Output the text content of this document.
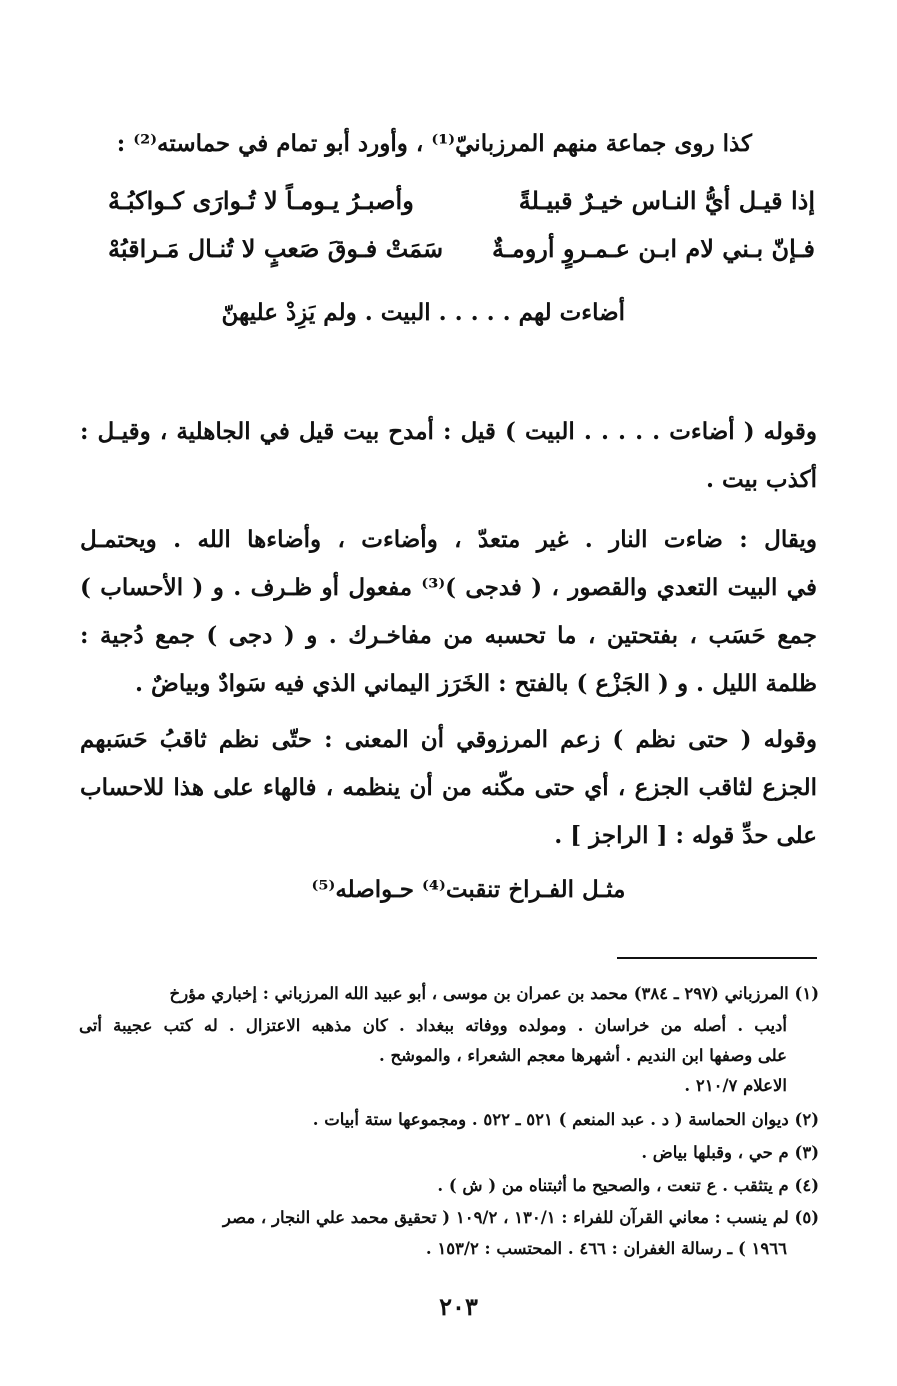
كذا روى جماعة منهم المرزبانيّ⁽¹⁾ ، وأورد أبو تمام في حماسته⁽²⁾ :
إذا قيـل أيُّ النـاس خيـرٌ قبيـلةً
وأصبـرُ يـومـاً لا تُـوارَى كـواكبُـهْ
فـإنّ بـني لام ابـن عـمـروٍ أرومـةٌ
سَمَتْ فـوقَ صَعبٍ لا تُنـال مَـراقبُهْ
أضاءت لهم . . . . . البيت . ولم يَزِدْ عليهنّ
وقوله ( أضاءت . . . . . البيت ) قيل : أمدح بيت قيل في الجاهلية ، وقيـل :
أكذب بيت .
ويقال : ضاءت النار . غير متعدّ ، وأضاءت ، وأضاءها الله . ويحتمـل
في البيت التعدي والقصور ، ( فدجى )⁽³⁾ مفعول أو ظـرف . و ( الأحساب )
جمع حَسَب ، بفتحتين ، ما تحسبه من مفاخـرك . و ( دجى ) جمع دُجية :
ظلمة الليل . و ( الجَزْع ) بالفتح : الخَرَز اليماني الذي فيه سَوادٌ وبياضٌ .
وقوله ( حتى نظم ) زعم المرزوقي أن المعنى : حتّى نظم ثاقبُ حَسَبهم
الجزع لثاقب الجزع ، أي حتى مكّنه من أن ينظمه ، فالهاء على هذا للاحساب
على حدِّ قوله : [ الراجز ] .
مثـل الفـراخ تنقبت⁽⁴⁾ حـواصله⁽⁵⁾
(١) المرزباني (٢٩٧ ـ ٣٨٤) محمد بن عمران بن موسى ، أبو عبيد الله المرزباني : إخباري مؤرخ
أديب . أصله من خراسان . ومولده ووفاته ببغداد . كان مذهبه الاعتزال . له كتب عجيبة أتى
على وصفها ابن النديم . أشهرها معجم الشعراء ، والموشح .
الاعلام ٢١٠/٧ .
(٢) ديوان الحماسة ( د . عبد المنعم ) ٥٢١ ـ ٥٢٢ . ومجموعها ستة أبيات .
(٣) م حي ، وقبلها بياض .
(٤) م يتثقب . ع تنعت ، والصحيح ما أثبتناه من ( ش ) .
(٥) لم ينسب : معاني القرآن للفراء : ١٣٠/١ ، ١٠٩/٢ ( تحقيق محمد علي النجار ، مصر
١٩٦٦ ) ـ رسالة الغفران : ٤٦٦ . المحتسب : ١٥٣/٢ .
٢٠٣
